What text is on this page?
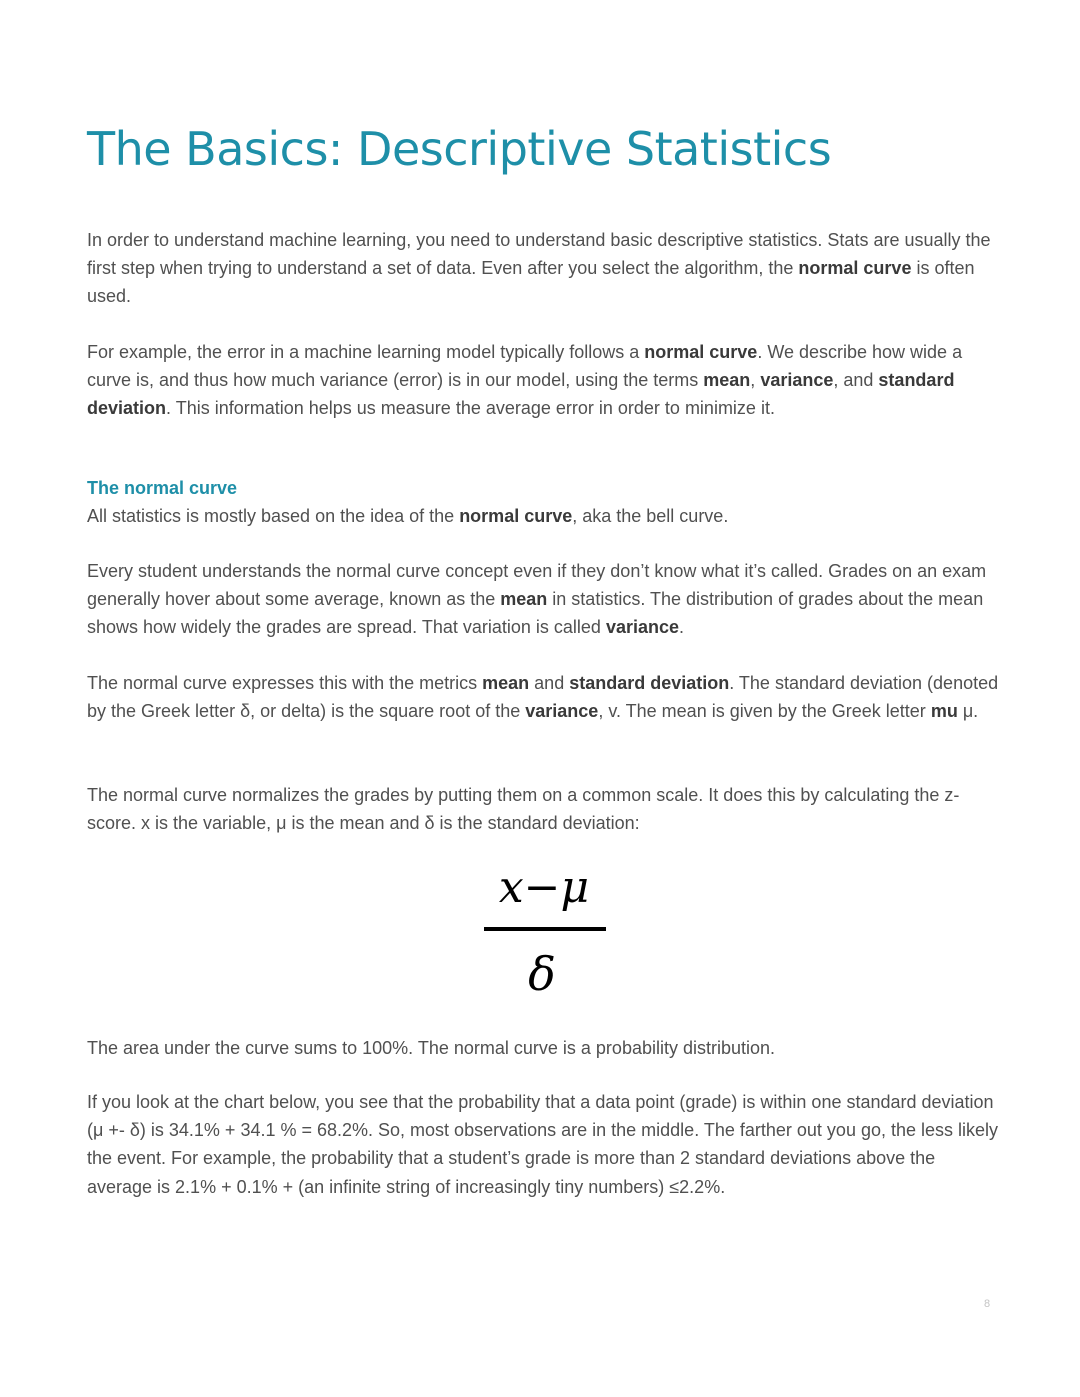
The Basics: Descriptive Statistics

In order to understand machine learning, you need to understand basic descriptive statistics. Stats are usually the first step when trying to understand a set of data. Even after you select the algorithm, the normal curve is often used.

For example, the error in a machine learning model typically follows a normal curve. We describe how wide a curve is, and thus how much variance (error) is in our model, using the terms mean, variance, and standard deviation. This information helps us measure the average error in order to minimize it.

The normal curve

All statistics is mostly based on the idea of the normal curve, aka the bell curve.

Every student understands the normal curve concept even if they don’t know what it’s called. Grades on an exam generally hover about some average, known as the mean in statistics. The distribution of grades about the mean shows how widely the grades are spread. That variation is called variance.

The normal curve expresses this with the metrics mean and standard deviation. The standard deviation (denoted by the Greek letter δ, or delta) is the square root of the variance, v. The mean is given by the Greek letter mu μ.

The normal curve normalizes the grades by putting them on a common scale. It does this by calculating the z-score. x is the variable, μ is the mean and δ is the standard deviation:

x−μ
δ

The area under the curve sums to 100%. The normal curve is a probability distribution.

If you look at the chart below, you see that the probability that a data point (grade) is within one standard deviation (μ +- δ) is 34.1% + 34.1 % = 68.2%. So, most observations are in the middle. The farther out you go, the less likely the event. For example, the probability that a student’s grade is more than 2 standard deviations above the average is 2.1% + 0.1% + (an infinite string of increasingly tiny numbers) ≤2.2%.

8
